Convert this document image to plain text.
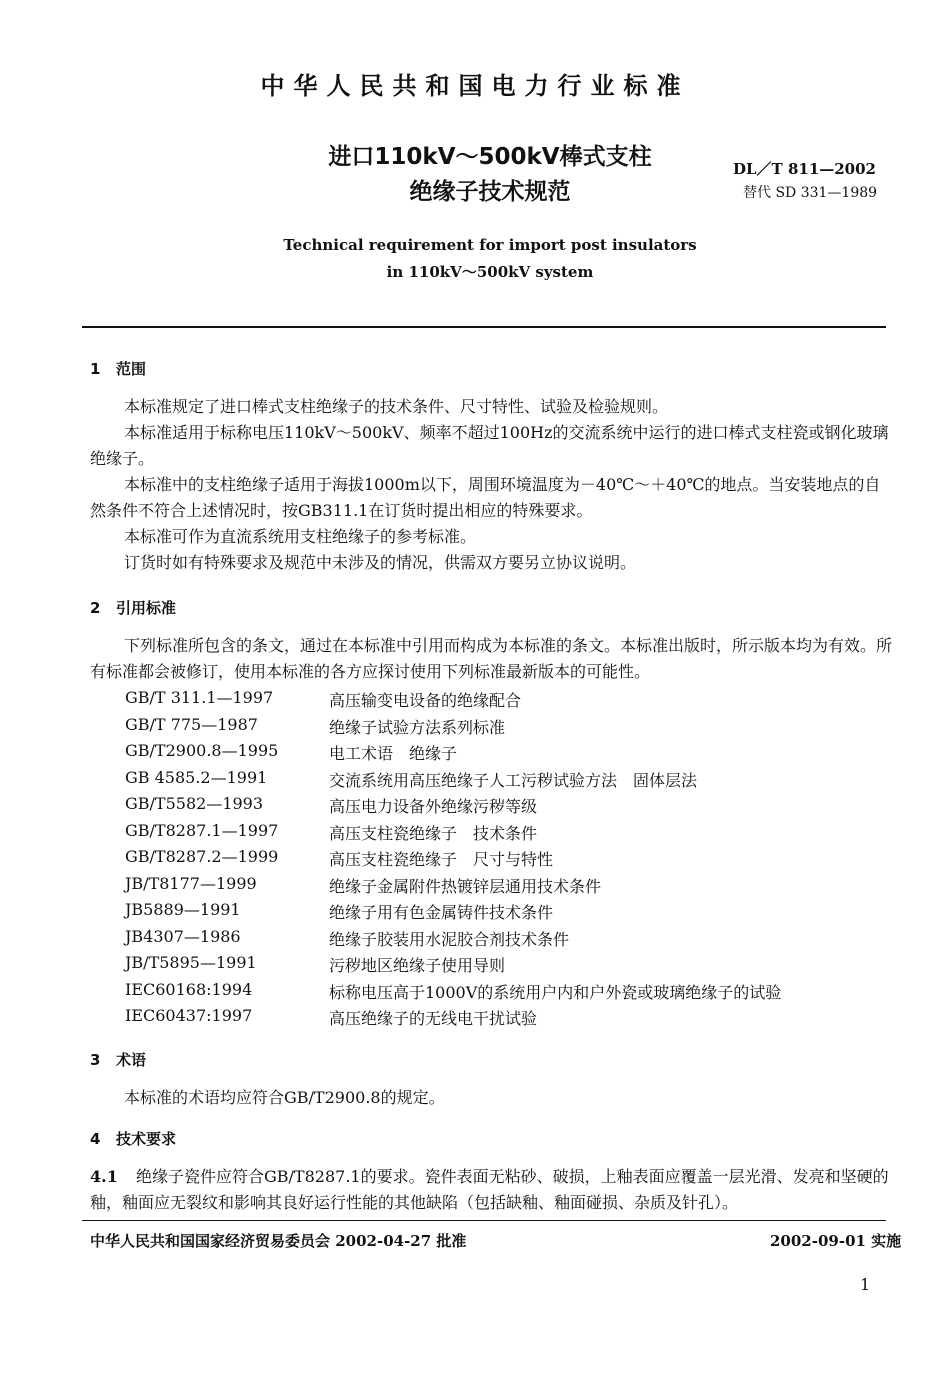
中华人民共和国电力行业标准
进口110kV～500kV棒式支柱
绝缘子技术规范
DL／T 811—2002
替代 SD 331—1989
Technical requirement for import post insulators
in 110kV～500kV system
1 范围
本标准规定了进口棒式支柱绝缘子的技术条件、尺寸特性、试验及检验规则。
本标准适用于标称电压110kV～500kV、频率不超过100Hz的交流系统中运行的进口棒式支柱瓷或钢化玻璃绝缘子。
本标准中的支柱绝缘子适用于海拔1000m以下，周围环境温度为－40℃～＋40℃的地点。当安装地点的自然条件不符合上述情况时，按GB311.1在订货时提出相应的特殊要求。
本标准可作为直流系统用支柱绝缘子的参考标准。
订货时如有特殊要求及规范中未涉及的情况，供需双方要另立协议说明。
2 引用标准
下列标准所包含的条文，通过在本标准中引用而构成为本标准的条文。本标准出版时，所示版本均为有效。所有标准都会被修订，使用本标准的各方应探讨使用下列标准最新版本的可能性。
GB/T 311.1—1997	高压输变电设备的绝缘配合
GB/T 775—1987	绝缘子试验方法系列标准
GB/T2900.8—1995	电工术语　绝缘子
GB 4585.2—1991	交流系统用高压绝缘子人工污秽试验方法　固体层法
GB/T5582—1993	高压电力设备外绝缘污秽等级
GB/T8287.1—1997	高压支柱瓷绝缘子　技术条件
GB/T8287.2—1999	高压支柱瓷绝缘子　尺寸与特性
JB/T8177—1999	绝缘子金属附件热镀锌层通用技术条件
JB5889—1991	绝缘子用有色金属铸件技术条件
JB4307—1986	绝缘子胶装用水泥胶合剂技术条件
JB/T5895—1991	污秽地区绝缘子使用导则
IEC60168:1994	标称电压高于1000V的系统用户内和户外瓷或玻璃绝缘子的试验
IEC60437:1997	高压绝缘子的无线电干扰试验
3 术语
本标准的术语均应符合GB/T2900.8的规定。
4 技术要求
4.1 绝缘子瓷件应符合GB/T8287.1的要求。瓷件表面无粘砂、破损，上釉表面应覆盖一层光滑、发亮和坚硬的釉，釉面应无裂纹和影响其良好运行性能的其他缺陷（包括缺釉、釉面碰损、杂质及针孔）。
中华人民共和国国家经济贸易委员会 2002-04-27 批准	2002-09-01 实施
1
